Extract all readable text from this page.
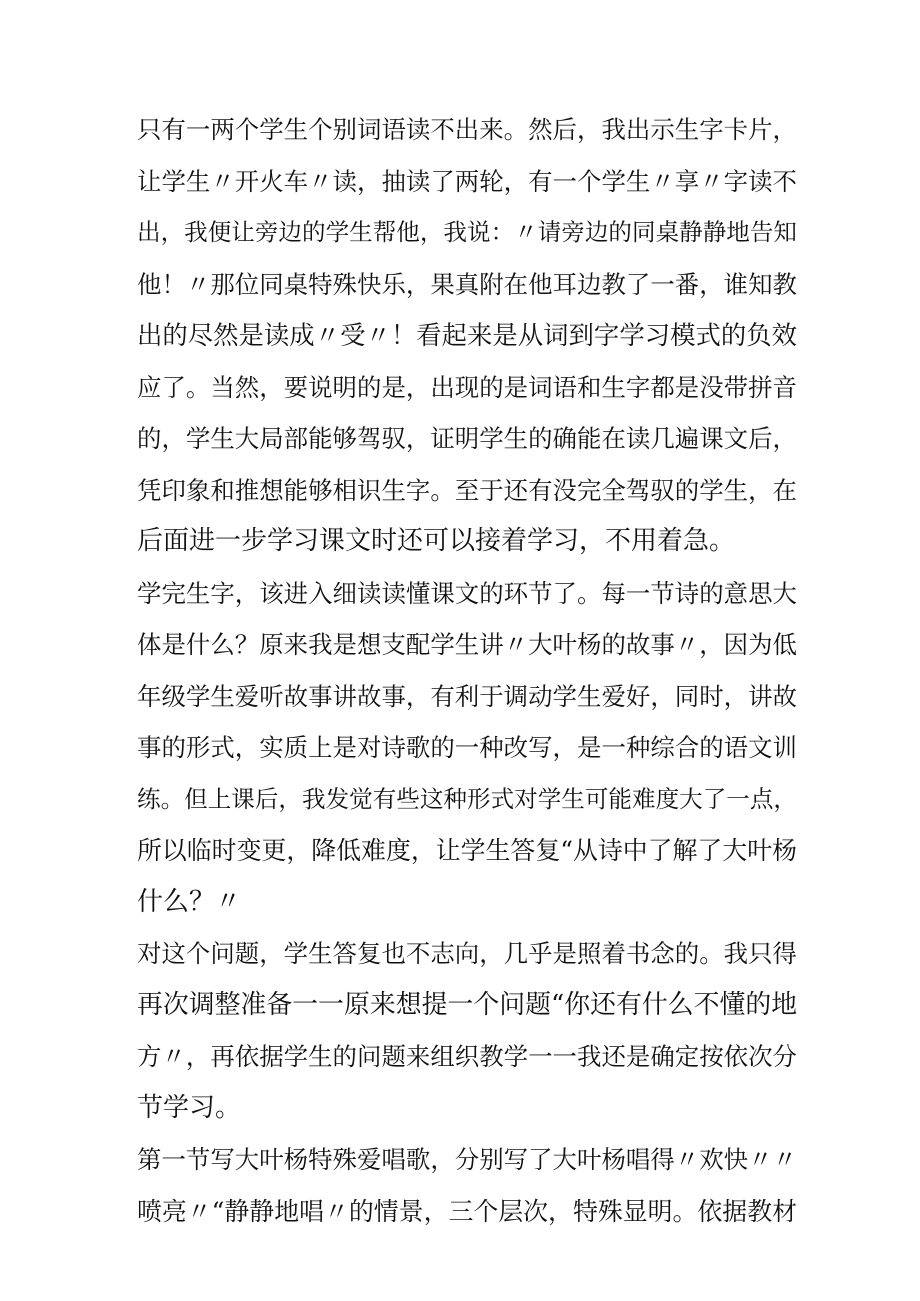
只有一两个学生个别词语读不出来。然后，我出示生字卡片，
让学生〃开火车〃读，抽读了两轮，有一个学生〃享〃字读不
出，我便让旁边的学生帮他，我说：〃请旁边的同桌静静地告知
他！〃那位同桌特殊快乐，果真附在他耳边教了一番，谁知教
出的尽然是读成〃受〃！看起来是从词到字学习模式的负效
应了。当然，要说明的是，出现的是词语和生字都是没带拼音
的，学生大局部能够驾驭，证明学生的确能在读几遍课文后，
凭印象和推想能够相识生字。至于还有没完全驾驭的学生，在
后面进一步学习课文时还可以接着学习，不用着急。
学完生字，该进入细读读懂课文的环节了。每一节诗的意思大
体是什么？原来我是想支配学生讲〃大叶杨的故事〃，因为低
年级学生爱听故事讲故事，有利于调动学生爱好，同时，讲故
事的形式，实质上是对诗歌的一种改写，是一种综合的语文训
练。但上课后，我发觉有些这种形式对学生可能难度大了一点，
所以临时变更，降低难度，让学生答复“从诗中了解了大叶杨
什么？〃
对这个问题，学生答复也不志向，几乎是照着书念的。我只得
再次调整准备一一原来想提一个问题“你还有什么不懂的地
方〃，再依据学生的问题来组织教学一一我还是确定按依次分
节学习。
第一节写大叶杨特殊爱唱歌，分别写了大叶杨唱得〃欢快〃〃
喷亮〃“静静地唱〃的情景，三个层次，特殊显明。依据教材
